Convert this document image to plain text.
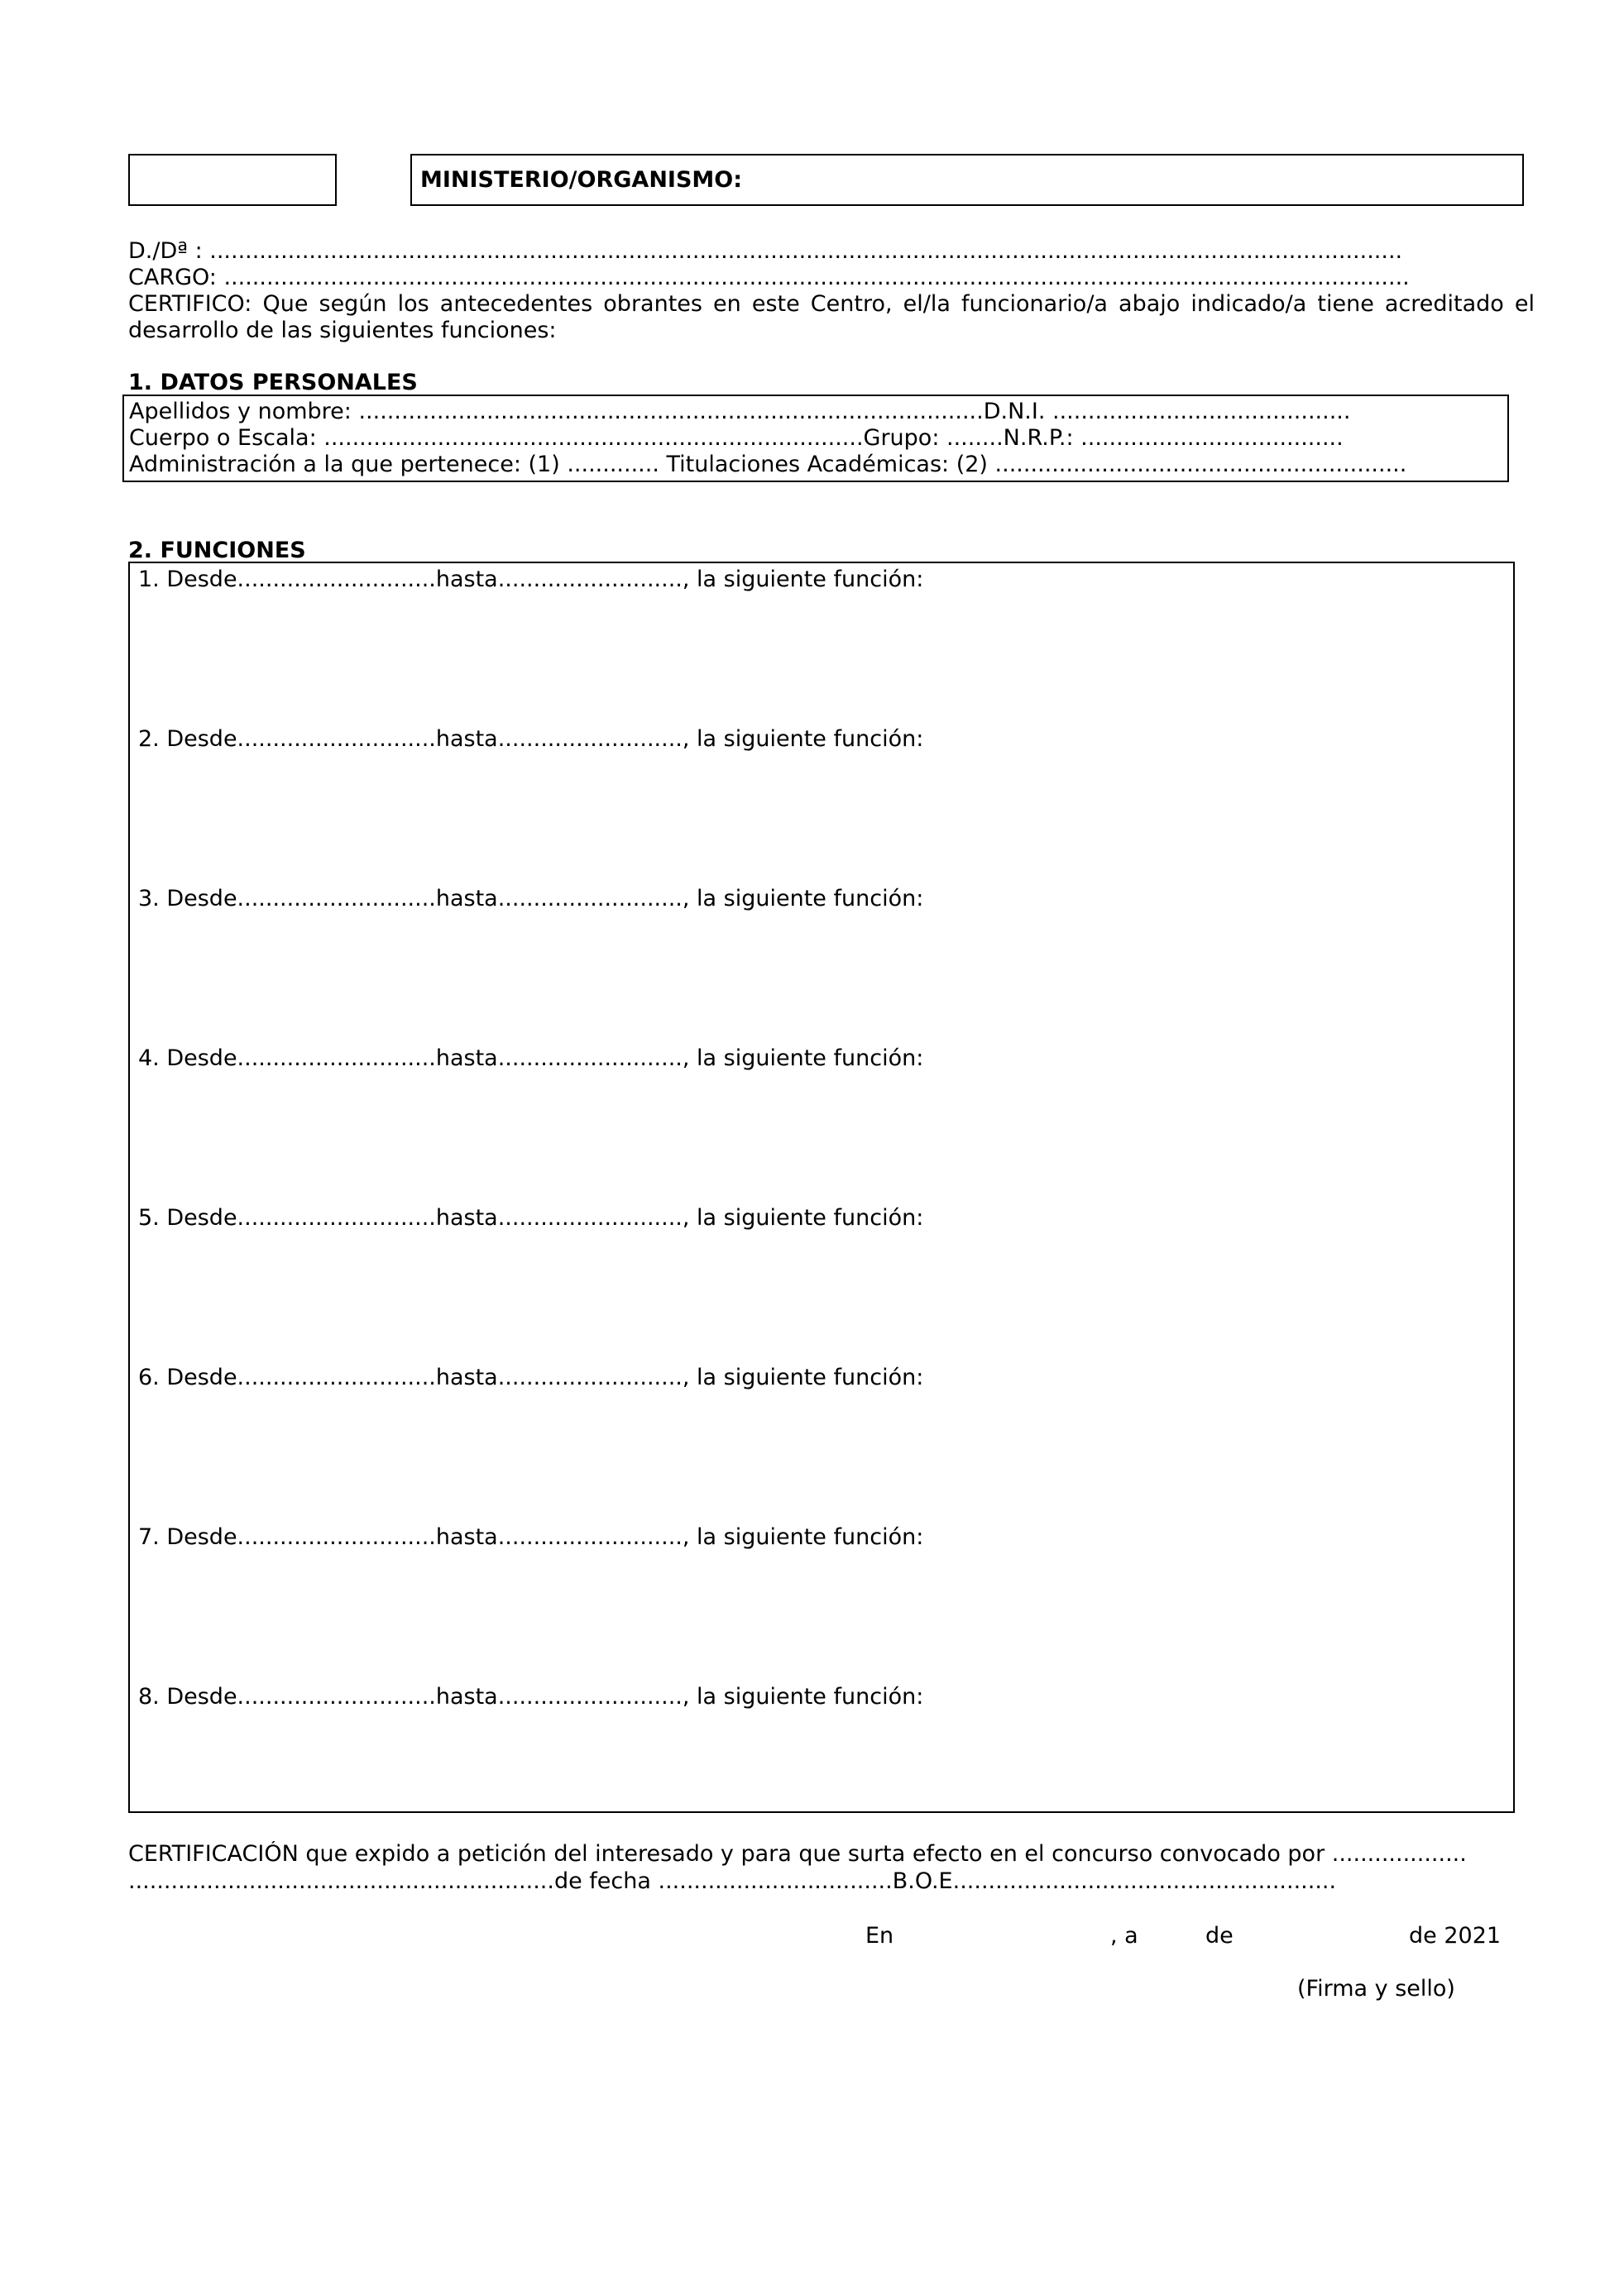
MINISTERIO/ORGANISMO:
D./Dª : ........................................................................................................................................................................
CARGO: .......................................................................................................................................................................
CERTIFICO: Que según los antecedentes obrantes en este Centro, el/la funcionario/a abajo indicado/a tiene acreditado el desarrollo de las siguientes funciones:
1. DATOS PERSONALES
Apellidos y nombre: ........................................................................................D.N.I. ..........................................
Cuerpo o Escala: ............................................................................Grupo: ........N.R.P.: .....................................
Administración a la que pertenece: (1) ............. Titulaciones Académicas: (2) ..........................................................
2. FUNCIONES
1. Desde............................hasta.........................., la siguiente función:
2. Desde............................hasta.........................., la siguiente función:
3. Desde............................hasta.........................., la siguiente función:
4. Desde............................hasta.........................., la siguiente función:
5. Desde............................hasta.........................., la siguiente función:
6. Desde............................hasta.........................., la siguiente función:
7. Desde............................hasta.........................., la siguiente función:
8. Desde............................hasta.........................., la siguiente función:
CERTIFICACIÓN que expido a petición del interesado y para que surta efecto en el concurso convocado por ...................
............................................................de fecha .................................B.O.E......................................................
En	, a	de	de 2021
(Firma y sello)
